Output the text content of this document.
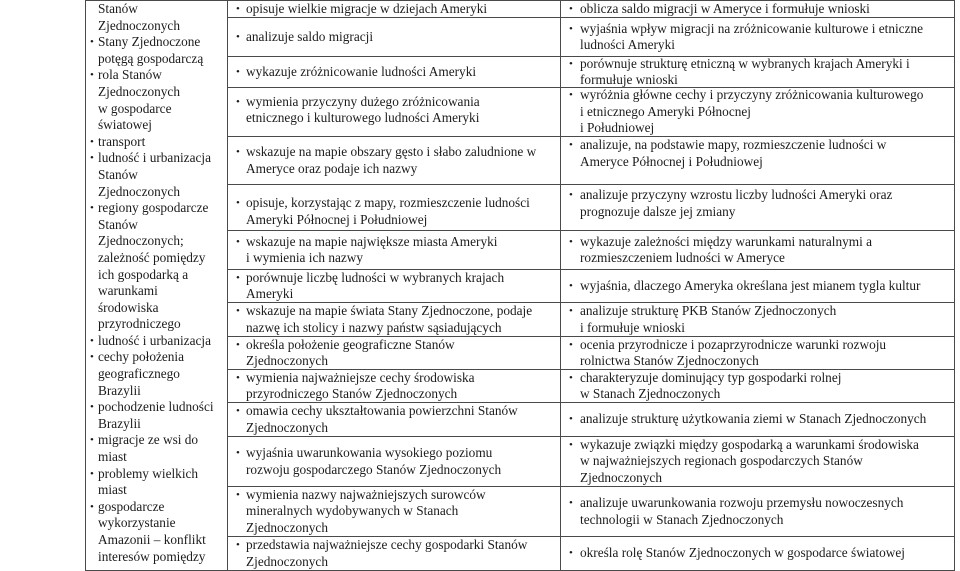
Stanów
Zjednoczonych
•
Stany Zjednoczone
potęgą gospodarczą
•
rola Stanów
Zjednoczonych
w gospodarce
światowej
•
transport
•
ludność i urbanizacja
Stanów
Zjednoczonych
•
regiony gospodarcze
Stanów
Zjednoczonych;
zależność pomiędzy
ich gospodarką a
warunkami
środowiska
przyrodniczego
•
ludność i urbanizacja
•
cechy położenia
geograficznego
Brazylii
•
pochodzenie ludności
Brazylii
•
migracje ze wsi do
miast
•
problemy wielkich
miast
•
gospodarcze
wykorzystanie
Amazonii – konflikt
interesów pomiędzy
•
opisuje wielkie migracje w dziejach Ameryki
•	oblicza saldo migracji w Ameryce i formułuje wnioski
•
analizuje saldo migracji
•
wyjaśnia wpływ migracji na zróżnicowanie kulturowe i etniczne
ludności Ameryki
•
wykazuje zróżnicowanie ludności Ameryki
•
porównuje strukturę etniczną w wybranych krajach Ameryki i
formułuje wnioski
•
wymienia przyczyny dużego zróżnicowania
etnicznego i kulturowego ludności Ameryki
•
wyróżnia główne cechy i przyczyny zróżnicowania kulturowego
i etnicznego Ameryki Północnej
i Południowej
•
wskazuje na mapie obszary gęsto i słabo zaludnione w
Ameryce oraz podaje ich nazwy
•
analizuje, na podstawie mapy, rozmieszczenie ludności w
Ameryce Północnej i Południowej
•
opisuje, korzystając z mapy, rozmieszczenie ludności
Ameryki Północnej i Południowej
•
analizuje przyczyny wzrostu liczby ludności Ameryki oraz
prognozuje dalsze jej zmiany
•
wskazuje na mapie największe miasta Ameryki
i wymienia ich nazwy
•
wykazuje zależności między warunkami naturalnymi a
rozmieszczeniem ludności w Ameryce
•
porównuje liczbę ludności w wybranych krajach
Ameryki
•
wyjaśnia, dlaczego Ameryka określana jest mianem tygla kultur
•
wskazuje na mapie świata Stany Zjednoczone, podaje
nazwę ich stolicy i nazwy państw sąsiadujących
•
analizuje strukturę PKB Stanów Zjednoczonych
i formułuje wnioski
•
określa położenie geograficzne Stanów
Zjednoczonych
•
ocenia przyrodnicze i pozaprzyrodnicze warunki rozwoju
rolnictwa Stanów Zjednoczonych
•
wymienia najważniejsze cechy środowiska
przyrodniczego Stanów Zjednoczonych
•
charakteryzuje dominujący typ gospodarki rolnej
w Stanach Zjednoczonych
•
omawia cechy ukształtowania powierzchni Stanów
Zjednoczonych
•
analizuje strukturę użytkowania ziemi w Stanach Zjednoczonych
•
wyjaśnia uwarunkowania wysokiego poziomu
rozwoju gospodarczego Stanów Zjednoczonych
•
wykazuje związki między gospodarką a warunkami środowiska
w najważniejszych regionach gospodarczych Stanów
Zjednoczonych
•
wymienia nazwy najważniejszych surowców
mineralnych wydobywanych w Stanach
Zjednoczonych
•
analizuje uwarunkowania rozwoju przemysłu nowoczesnych
technologii w Stanach Zjednoczonych
•
przedstawia najważniejsze cechy gospodarki Stanów
Zjednoczonych
•
określa rolę Stanów Zjednoczonych w gospodarce światowej
